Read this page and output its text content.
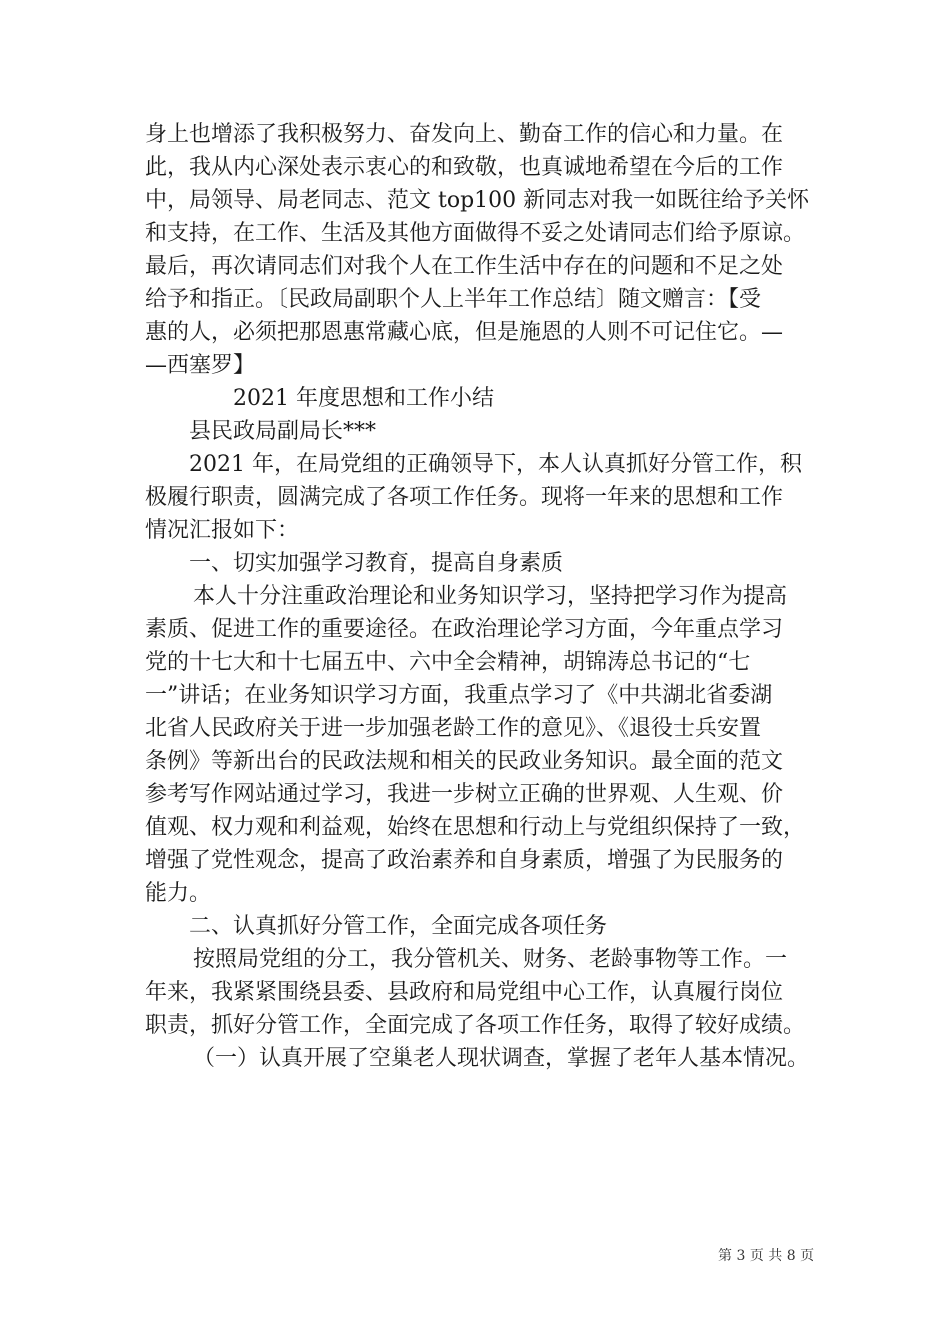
身上也增添了我积极努力、奋发向上、勤奋工作的信心和力量。在
此，我从内心深处表示衷心的和致敬，也真诚地希望在今后的工作
中，局领导、局老同志、范文 top100 新同志对我一如既往给予关怀
和支持，在工作、生活及其他方面做得不妥之处请同志们给予原谅。
最后，再次请同志们对我个人在工作生活中存在的问题和不足之处
给予和指正。〔民政局副职个人上半年工作总结〕随文赠言：【受
惠的人，必须把那恩惠常藏心底，但是施恩的人则不可记住它。—
—西塞罗】
2021 年度思想和工作小结
县民政局副局长***
2021 年，在局党组的正确领导下，本人认真抓好分管工作，积
极履行职责，圆满完成了各项工作任务。现将一年来的思想和工作
情况汇报如下：
一、切实加强学习教育，提高自身素质
本人十分注重政治理论和业务知识学习，坚持把学习作为提高
素质、促进工作的重要途径。在政治理论学习方面，今年重点学习
党的十七大和十七届五中、六中全会精神，胡锦涛总书记的“七
一”讲话；在业务知识学习方面，我重点学习了《中共湖北省委湖
北省人民政府关于进一步加强老龄工作的意见》、《退役士兵安置
条例》等新出台的民政法规和相关的民政业务知识。最全面的范文
参考写作网站通过学习，我进一步树立正确的世界观、人生观、价
值观、权力观和利益观，始终在思想和行动上与党组织保持了一致，
增强了党性观念，提高了政治素养和自身素质，增强了为民服务的
能力。
二、认真抓好分管工作，全面完成各项任务
按照局党组的分工，我分管机关、财务、老龄事物等工作。一
年来，我紧紧围绕县委、县政府和局党组中心工作，认真履行岗位
职责，抓好分管工作，全面完成了各项工作任务，取得了较好成绩。
（一）认真开展了空巢老人现状调查，掌握了老年人基本情况。
第 3 页 共 8 页
